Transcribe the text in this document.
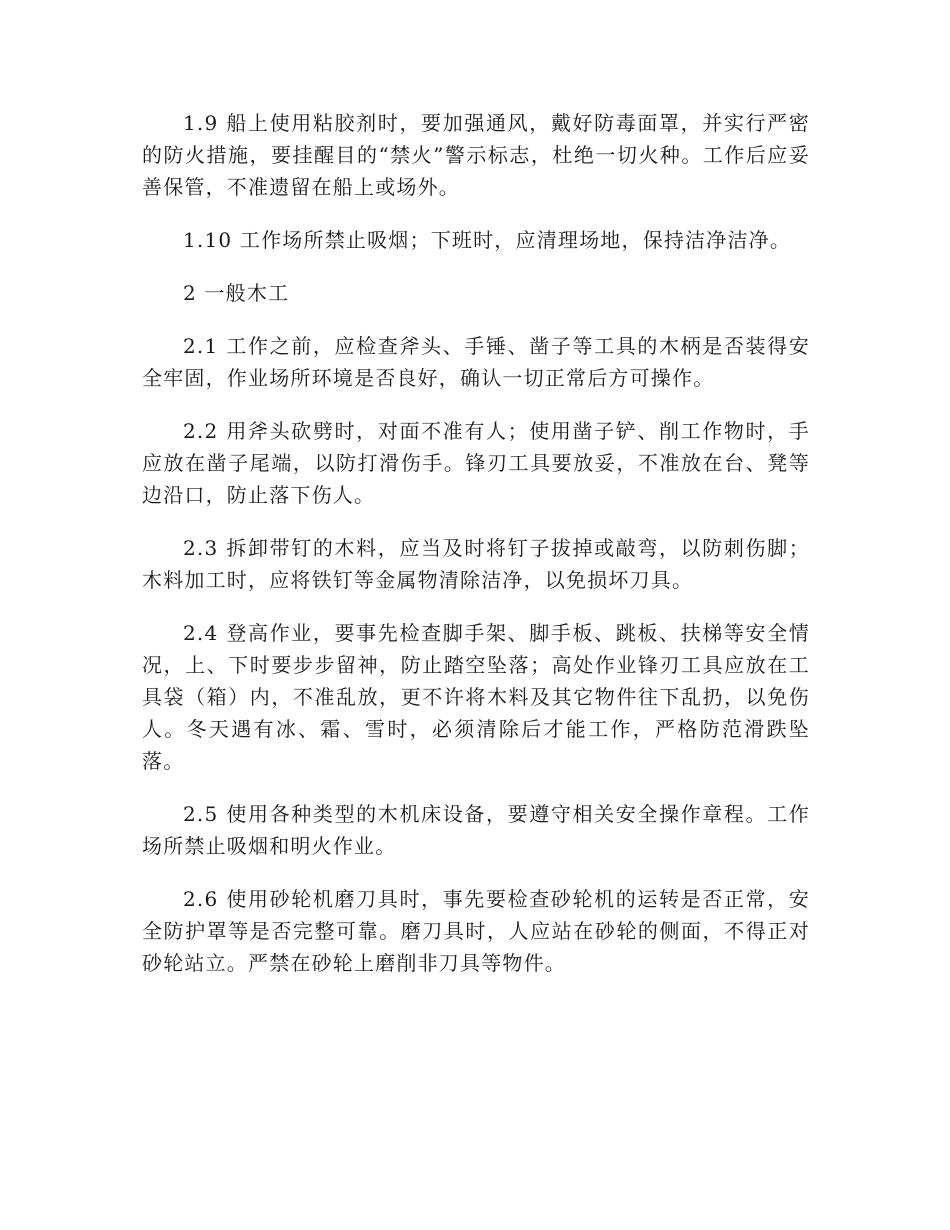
1.9 船上使用粘胶剂时，要加强通风，戴好防毒面罩，并实行严密的防火措施，要挂醒目的“禁火”警示标志，杜绝一切火种。工作后应妥善保管，不准遗留在船上或场外。

1.10 工作场所禁止吸烟；下班时，应清理场地，保持洁净洁净。

2 一般木工

2.1 工作之前，应检查斧头、手锤、凿子等工具的木柄是否装得安全牢固，作业场所环境是否良好，确认一切正常后方可操作。

2.2 用斧头砍劈时，对面不准有人；使用凿子铲、削工作物时，手应放在凿子尾端，以防打滑伤手。锋刃工具要放妥，不准放在台、凳等边沿口，防止落下伤人。

2.3 拆卸带钉的木料，应当及时将钉子拔掉或敲弯，以防刺伤脚；木料加工时，应将铁钉等金属物清除洁净，以免损坏刀具。

2.4 登高作业，要事先检查脚手架、脚手板、跳板、扶梯等安全情况，上、下时要步步留神，防止踏空坠落；高处作业锋刃工具应放在工具袋（箱）内，不准乱放，更不许将木料及其它物件往下乱扔，以免伤人。冬天遇有冰、霜、雪时，必须清除后才能工作，严格防范滑跌坠落。

2.5 使用各种类型的木机床设备，要遵守相关安全操作章程。工作场所禁止吸烟和明火作业。

2.6 使用砂轮机磨刀具时，事先要检查砂轮机的运转是否正常，安全防护罩等是否完整可靠。磨刀具时，人应站在砂轮的侧面，不得正对砂轮站立。严禁在砂轮上磨削非刀具等物件。
